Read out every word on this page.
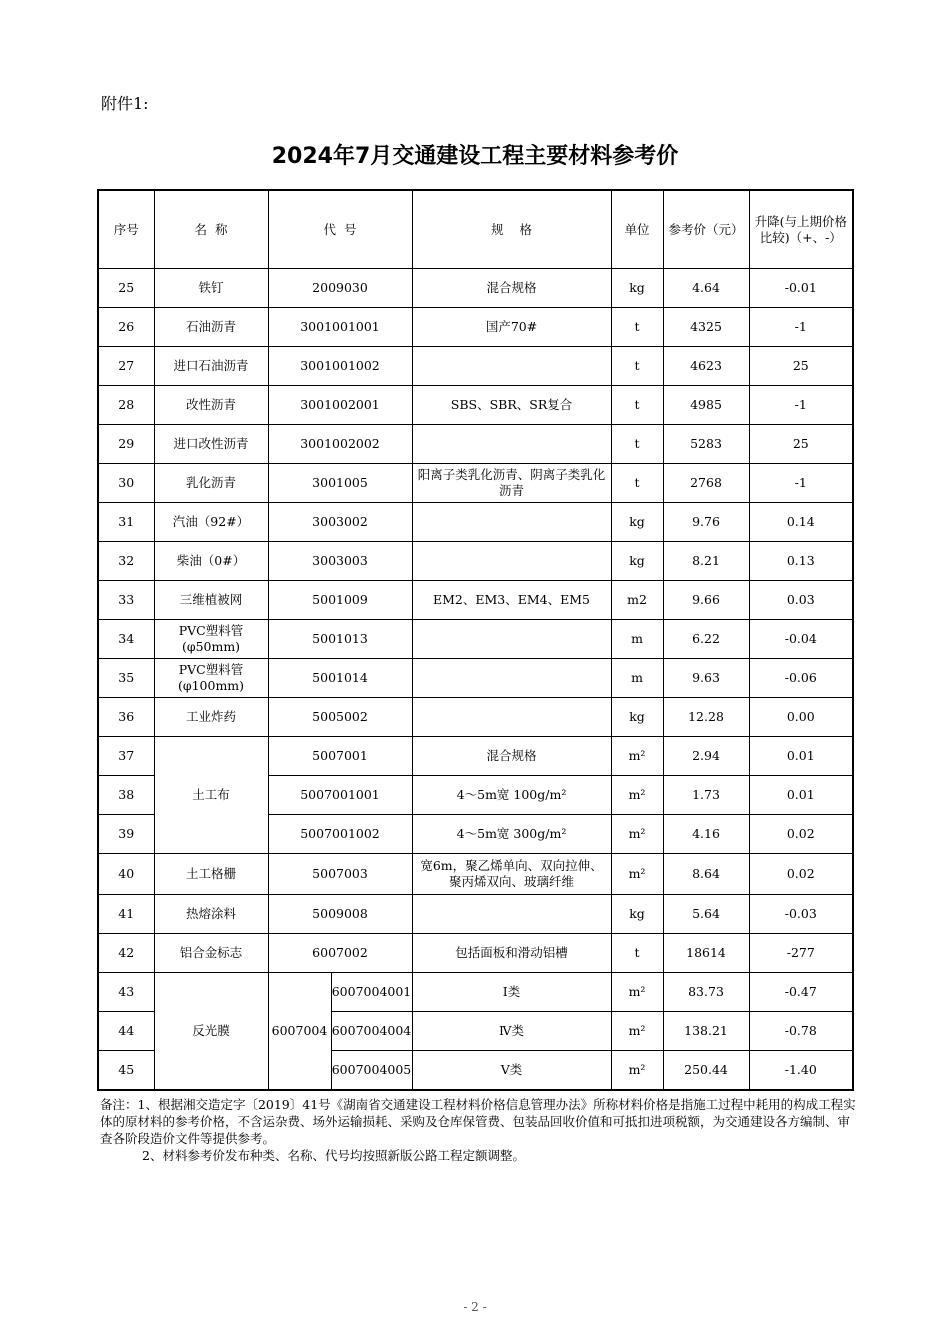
附件1:
2024年7月交通建设工程主要材料参考价
序号	名  称	代  号		规    格	单位	参考价（元）	升降(与上期价格比较)（+、-）
25	铁钉	2009030		混合规格	kg	4.64	-0.01
26	石油沥青	3001001001		国产70#	t	4325	-1
27	进口石油沥青	3001001002			t	4623	25
28	改性沥青	3001002001		SBS、SBR、SR复合	t	4985	-1
29	进口改性沥青	3001002002			t	5283	25
30	乳化沥青	3001005		阳离子类乳化沥青、阴离子类乳化沥青	t	2768	-1
31	汽油（92#）	3003002			kg	9.76	0.14
32	柴油（0#）	3003003			kg	8.21	0.13
33	三维植被网	5001009		EM2、EM3、EM4、EM5	m2	9.66	0.03
34	PVC塑料管(φ50mm)	5001013			m	6.22	-0.04
35	PVC塑料管(φ100mm)	5001014			m	9.63	-0.06
36	工业炸药	5005002			kg	12.28	0.00
37	土工布	5007001		混合规格	m²	2.94	0.01
38		5007001001		4～5m宽 100g/m²	m²	1.73	0.01
39		5007001002		4～5m宽 300g/m²	m²	4.16	0.02
40	土工格栅	5007003		宽6m，聚乙烯单向、双向拉伸、聚丙烯双向、玻璃纤维	m²	8.64	0.02
41	热熔涂料	5009008			kg	5.64	-0.03
42	铝合金标志	6007002		包括面板和滑动铝槽	t	18614	-277
43	反光膜	6007004	6007004001	Ⅰ类	m²	83.73	-0.47
44			6007004004	Ⅳ类	m²	138.21	-0.78
45			6007004005	Ⅴ类	m²	250.44	-1.40

备注：1、根据湘交造定字〔2019〕41号《湖南省交通建设工程材料价格信息管理办法》所称材料价格是指施工过程中耗用的构成工程实体的原材料的参考价格，不含运杂费、场外运输损耗、采购及仓库保管费、包装品回收价值和可抵扣进项税额，为交通建设各方编制、审查各阶段造价文件等提供参考。

2、材料参考价发布种类、名称、代号均按照新版公路工程定额调整。

- 2 -
